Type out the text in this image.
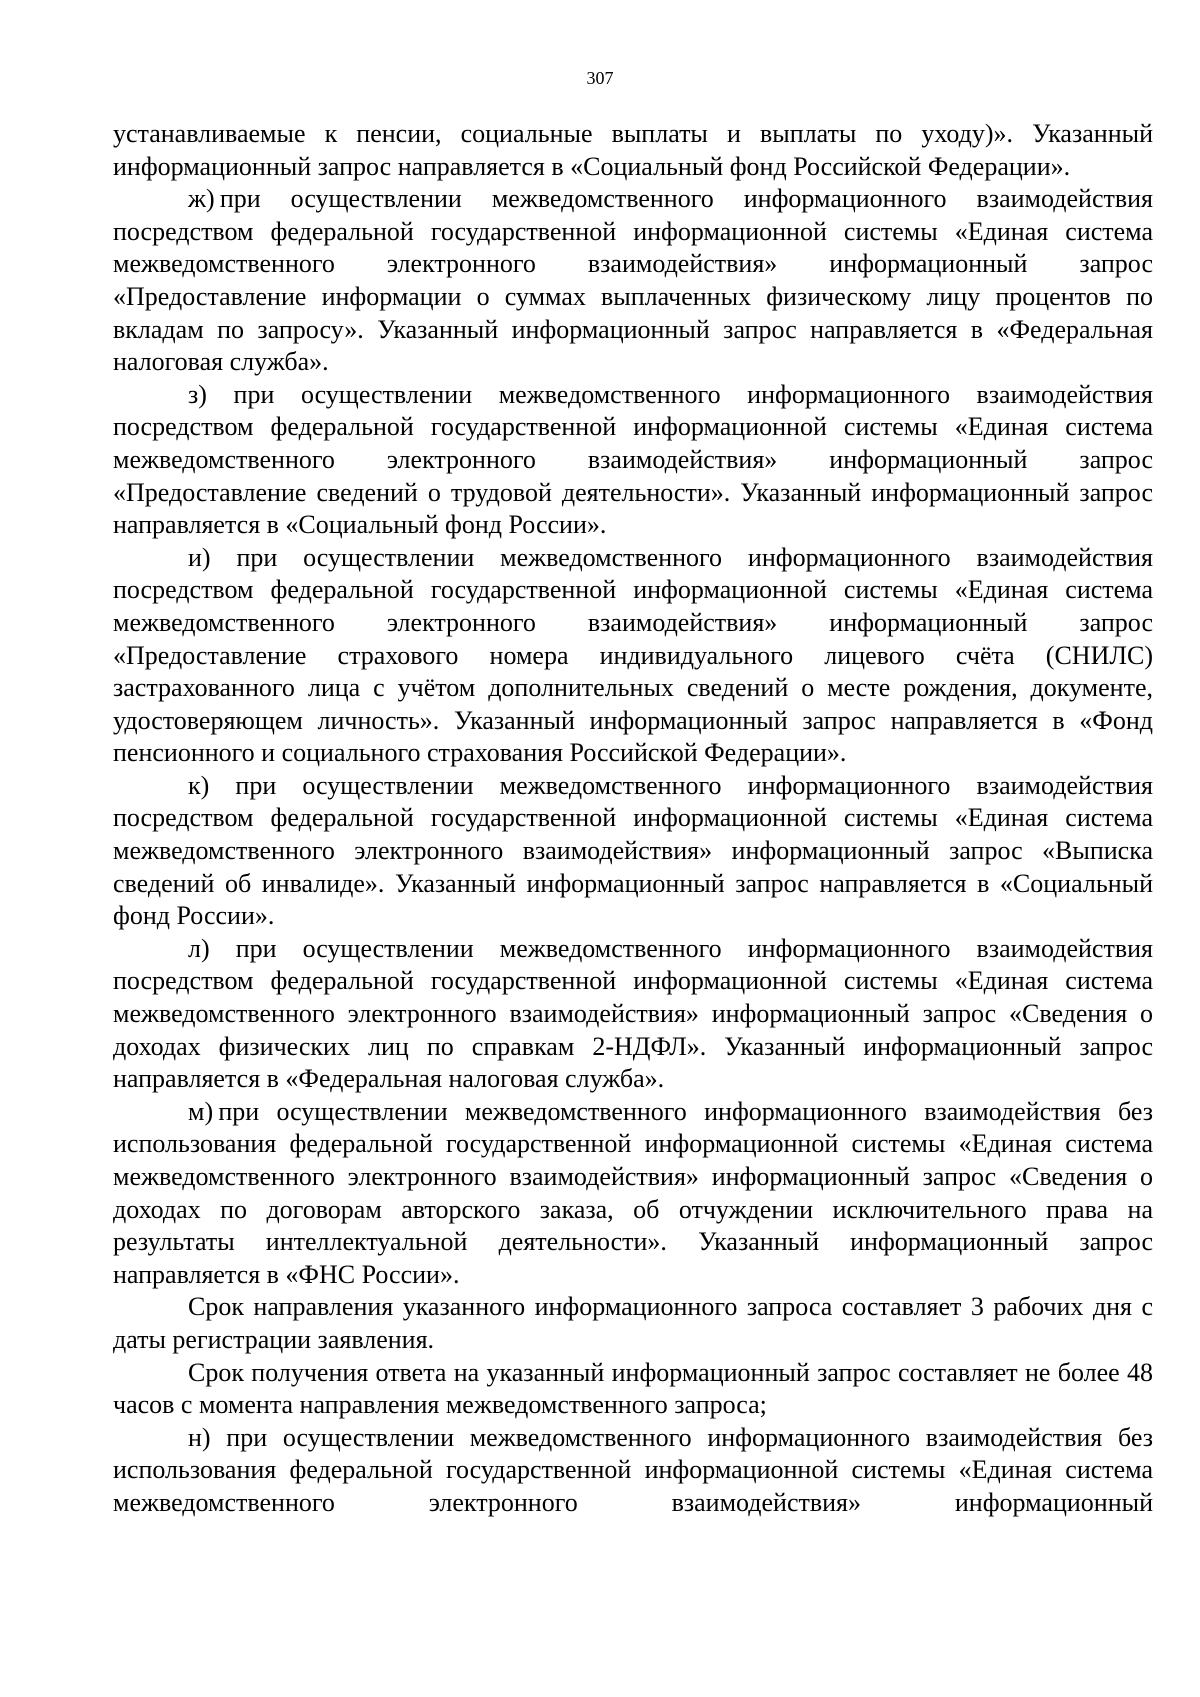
307

устанавливаемые к пенсии, социальные выплаты и выплаты по уходу)». Указанный информационный запрос направляется в «Социальный фонд Российской Федерации».

ж) при осуществлении межведомственного информационного взаимодействия посредством федеральной государственной информационной системы «Единая система межведомственного электронного взаимодействия» информационный запрос «Предоставление информации о суммах выплаченных физическому лицу процентов по вкладам по запросу». Указанный информационный запрос направляется в «Федеральная налоговая служба».

з) при осуществлении межведомственного информационного взаимодействия посредством федеральной государственной информационной системы «Единая система межведомственного электронного взаимодействия» информационный запрос «Предоставление сведений о трудовой деятельности». Указанный информационный запрос направляется в «Социальный фонд России».

и) при осуществлении межведомственного информационного взаимодействия посредством федеральной государственной информационной системы «Единая система межведомственного электронного взаимодействия» информационный запрос «Предоставление страхового номера индивидуального лицевого счёта (СНИЛС) застрахованного лица с учётом дополнительных сведений о месте рождения, документе, удостоверяющем личность». Указанный информационный запрос направляется в «Фонд пенсионного и социального страхования Российской Федерации».

к) при осуществлении межведомственного информационного взаимодействия посредством федеральной государственной информационной системы «Единая система межведомственного электронного взаимодействия» информационный запрос «Выписка сведений об инвалиде». Указанный информационный запрос направляется в «Социальный фонд России».

л) при осуществлении межведомственного информационного взаимодействия посредством федеральной государственной информационной системы «Единая система межведомственного электронного взаимодействия» информационный запрос «Сведения о доходах физических лиц по справкам 2-НДФЛ». Указанный информационный запрос направляется в «Федеральная налоговая служба».

м) при осуществлении межведомственного информационного взаимодействия без использования федеральной государственной информационной системы «Единая система межведомственного электронного взаимодействия» информационный запрос «Сведения о доходах по договорам авторского заказа, об отчуждении исключительного права на результаты интеллектуальной деятельности». Указанный информационный запрос направляется в «ФНС России».

Срок направления указанного информационного запроса составляет 3 рабочих дня с даты регистрации заявления.

Срок получения ответа на указанный информационный запрос составляет не более 48 часов с момента направления межведомственного запроса;

н) при осуществлении межведомственного информационного взаимодействия без использования федеральной государственной информационной системы «Единая система межведомственного электронного взаимодействия» информационный
